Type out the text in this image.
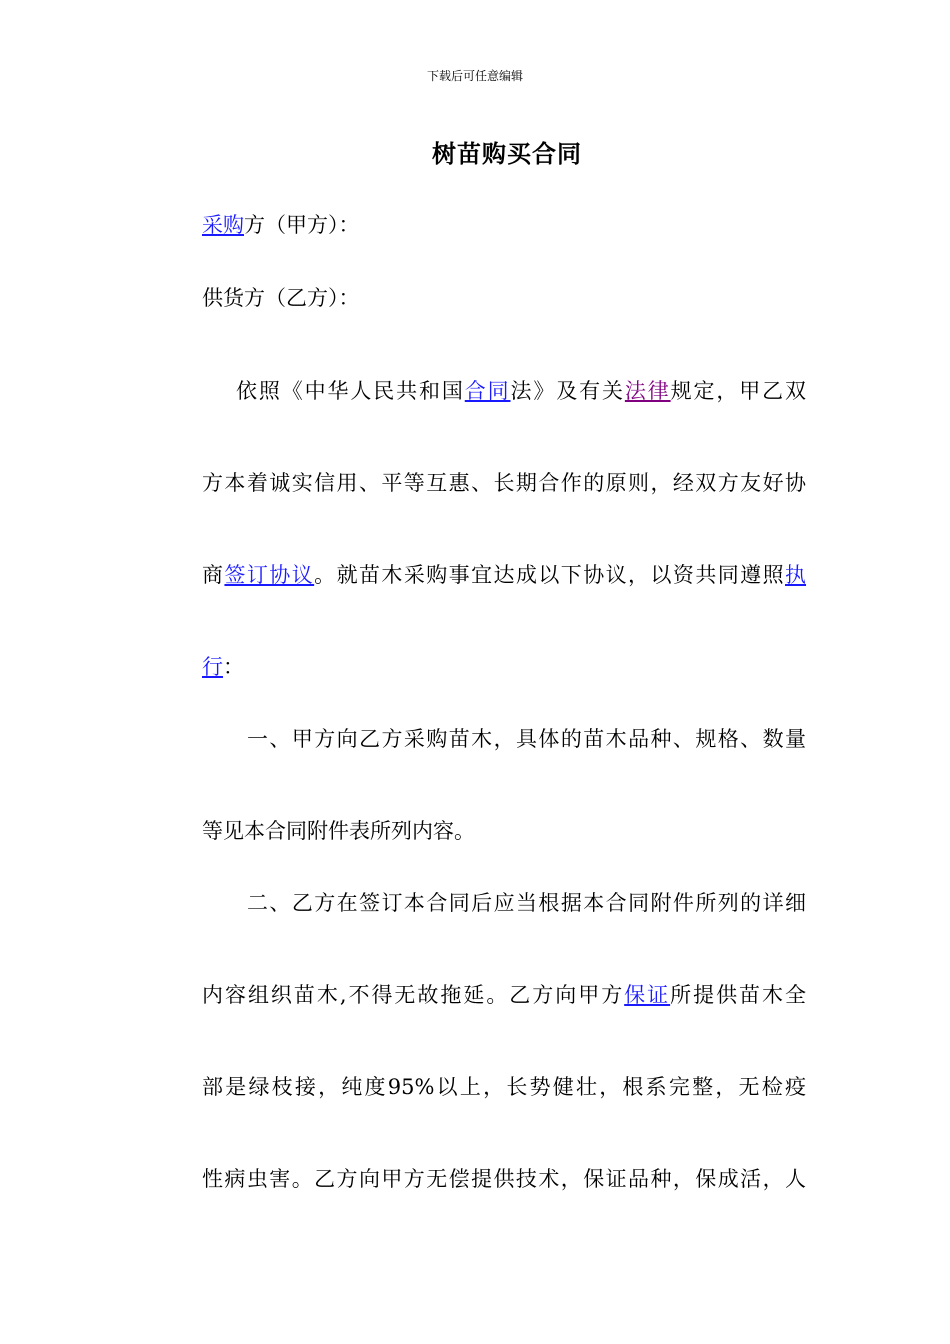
下载后可任意编辑
树苗购买合同
采购方（甲方）：
供货方（乙方）：
依照《中华人民共和国合同法》及有关法律规定，甲乙双
方本着诚实信用、平等互惠、长期合作的原则，经双方友好协
商签订协议。就苗木采购事宜达成以下协议，以资共同遵照执
行：
一、甲方向乙方采购苗木，具体的苗木品种、规格、数量
等见本合同附件表所列内容。
二、乙方在签订本合同后应当根据本合同附件所列的详细
内容组织苗木,不得无故拖延。乙方向甲方保证所提供苗木全
部是绿枝接，纯度95%以上，长势健壮，根系完整，无检疫
性病虫害。乙方向甲方无偿提供技术，保证品种，保成活，人
